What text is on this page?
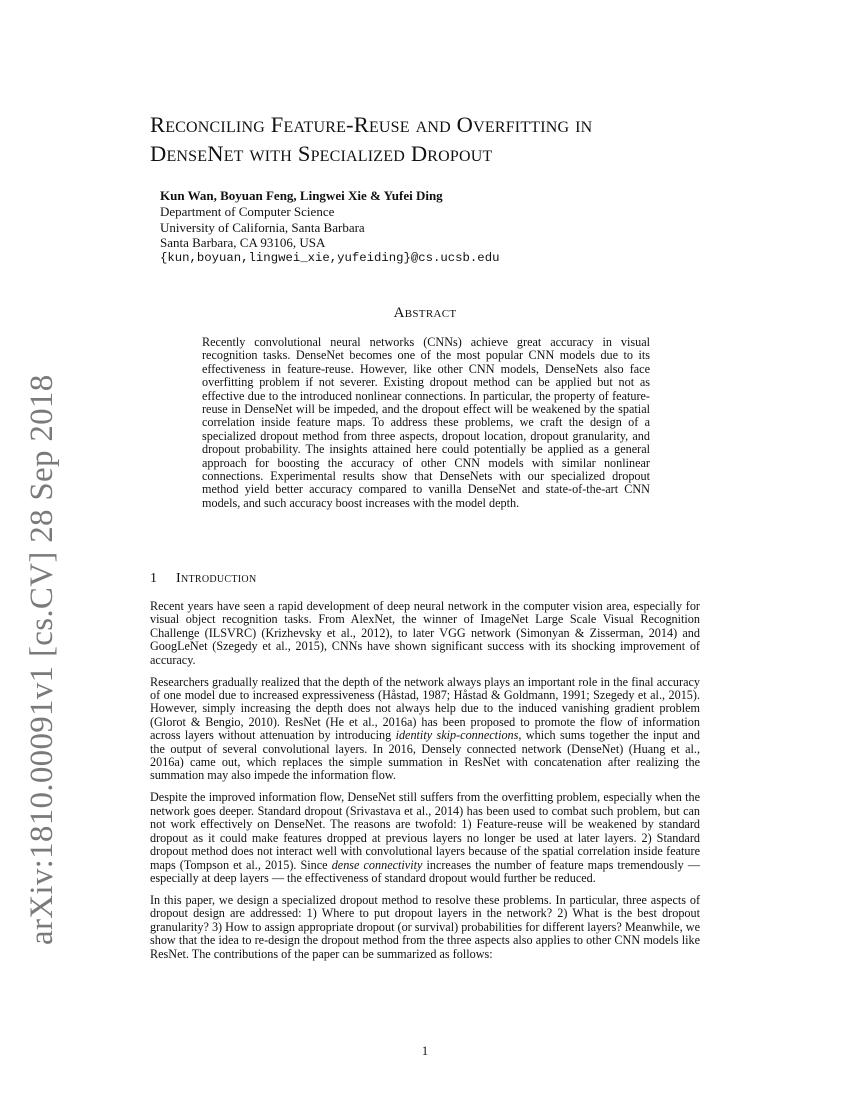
arXiv:1810.00091v1 [cs.CV] 28 Sep 2018
Reconciling Feature-Reuse and Overfitting in
DenseNet with Specialized Dropout
Kun Wan, Boyuan Feng, Lingwei Xie & Yufei Ding
Department of Computer Science
University of California, Santa Barbara
Santa Barbara, CA 93106, USA
{kun,boyuan,lingwei_xie,yufeiding}@cs.ucsb.edu
Abstract
Recently convolutional neural networks (CNNs) achieve great accuracy in visual recognition tasks. DenseNet becomes one of the most popular CNN models due to its effectiveness in feature-reuse. However, like other CNN models, DenseNets also face overfitting problem if not severer. Existing dropout method can be applied but not as effective due to the introduced nonlinear connections. In particular, the property of feature-reuse in DenseNet will be impeded, and the dropout effect will be weakened by the spatial correlation inside feature maps. To address these problems, we craft the design of a specialized dropout method from three aspects, dropout location, dropout granularity, and dropout probability. The insights attained here could potentially be applied as a general approach for boosting the accuracy of other CNN models with similar nonlinear connections. Experimental results show that DenseNets with our specialized dropout method yield better accuracy compared to vanilla DenseNet and state-of-the-art CNN models, and such accuracy boost increases with the model depth.
1 Introduction

Recent years have seen a rapid development of deep neural network in the computer vision area, especially for visual object recognition tasks. From AlexNet, the winner of ImageNet Large Scale Visual Recognition Challenge (ILSVRC) (Krizhevsky et al., 2012), to later VGG network (Simonyan & Zisserman, 2014) and GoogLeNet (Szegedy et al., 2015), CNNs have shown significant success with its shocking improvement of accuracy.

Researchers gradually realized that the depth of the network always plays an important role in the final accuracy of one model due to increased expressiveness (Håstad, 1987; Håstad & Goldmann, 1991; Szegedy et al., 2015). However, simply increasing the depth does not always help due to the induced vanishing gradient problem (Glorot & Bengio, 2010). ResNet (He et al., 2016a) has been proposed to promote the flow of information across layers without attenuation by introducing identity skip-connections, which sums together the input and the output of several convolutional layers. In 2016, Densely connected network (DenseNet) (Huang et al., 2016a) came out, which replaces the simple summation in ResNet with concatenation after realizing the summation may also impede the information flow.

Despite the improved information flow, DenseNet still suffers from the overfitting problem, especially when the network goes deeper. Standard dropout (Srivastava et al., 2014) has been used to combat such problem, but can not work effectively on DenseNet. The reasons are twofold: 1) Feature-reuse will be weakened by standard dropout as it could make features dropped at previous layers no longer be used at later layers. 2) Standard dropout method does not interact well with convolutional layers because of the spatial correlation inside feature maps (Tompson et al., 2015). Since dense connectivity increases the number of feature maps tremendously — especially at deep layers — the effectiveness of standard dropout would further be reduced.

In this paper, we design a specialized dropout method to resolve these problems. In particular, three aspects of dropout design are addressed: 1) Where to put dropout layers in the network? 2) What is the best dropout granularity? 3) How to assign appropriate dropout (or survival) probabilities for different layers? Meanwhile, we show that the idea to re-design the dropout method from the three aspects also applies to other CNN models like ResNet. The contributions of the paper can be summarized as follows:

1
